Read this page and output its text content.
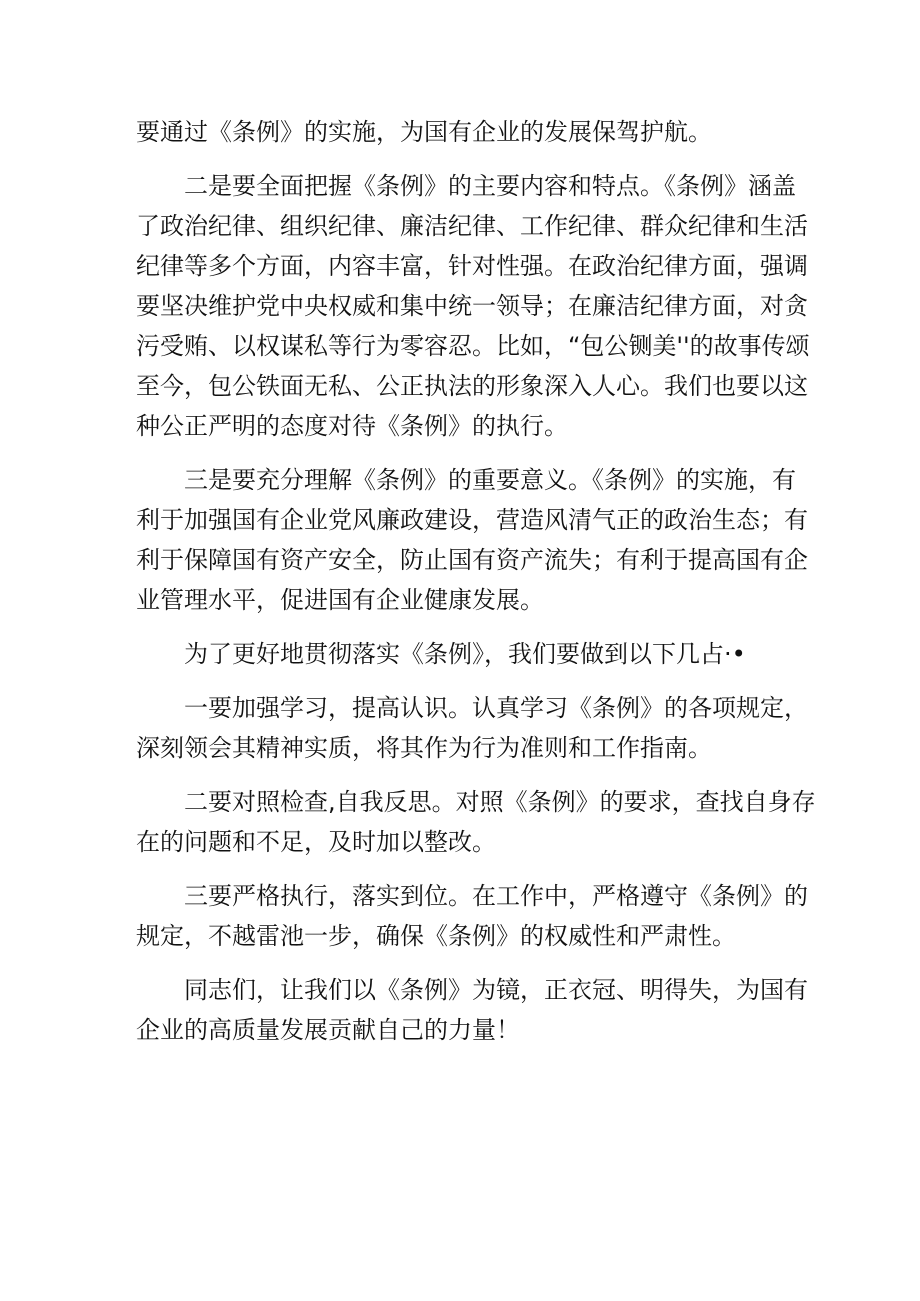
要通过《条例》的实施，为国有企业的发展保驾护航。
二是要全面把握《条例》的主要内容和特点。《条例》涵盖
了政治纪律、组织纪律、廉洁纪律、工作纪律、群众纪律和生活
纪律等多个方面，内容丰富，针对性强。在政治纪律方面，强调
要坚决维护党中央权威和集中统一领导；在廉洁纪律方面，对贪
污受贿、以权谋私等行为零容忍。比如，“包公铡美''的故事传颂
至今，包公铁面无私、公正执法的形象深入人心。我们也要以这
种公正严明的态度对待《条例》的执行。
三是要充分理解《条例》的重要意义。《条例》的实施，有
利于加强国有企业党风廉政建设，营造风清气正的政治生态；有
利于保障国有资产安全，防止国有资产流失；有利于提高国有企
业管理水平，促进国有企业健康发展。
为了更好地贯彻落实《条例》，我们要做到以下几占·•
一要加强学习，提高认识。认真学习《条例》的各项规定，
深刻领会其精神实质，将其作为行为准则和工作指南。
二要对照检查,自我反思。对照《条例》的要求，查找自身存
在的问题和不足，及时加以整改。
三要严格执行，落实到位。在工作中，严格遵守《条例》的
规定，不越雷池一步，确保《条例》的权威性和严肃性。
同志们，让我们以《条例》为镜，正衣冠、明得失，为国有
企业的高质量发展贡献自己的力量！
